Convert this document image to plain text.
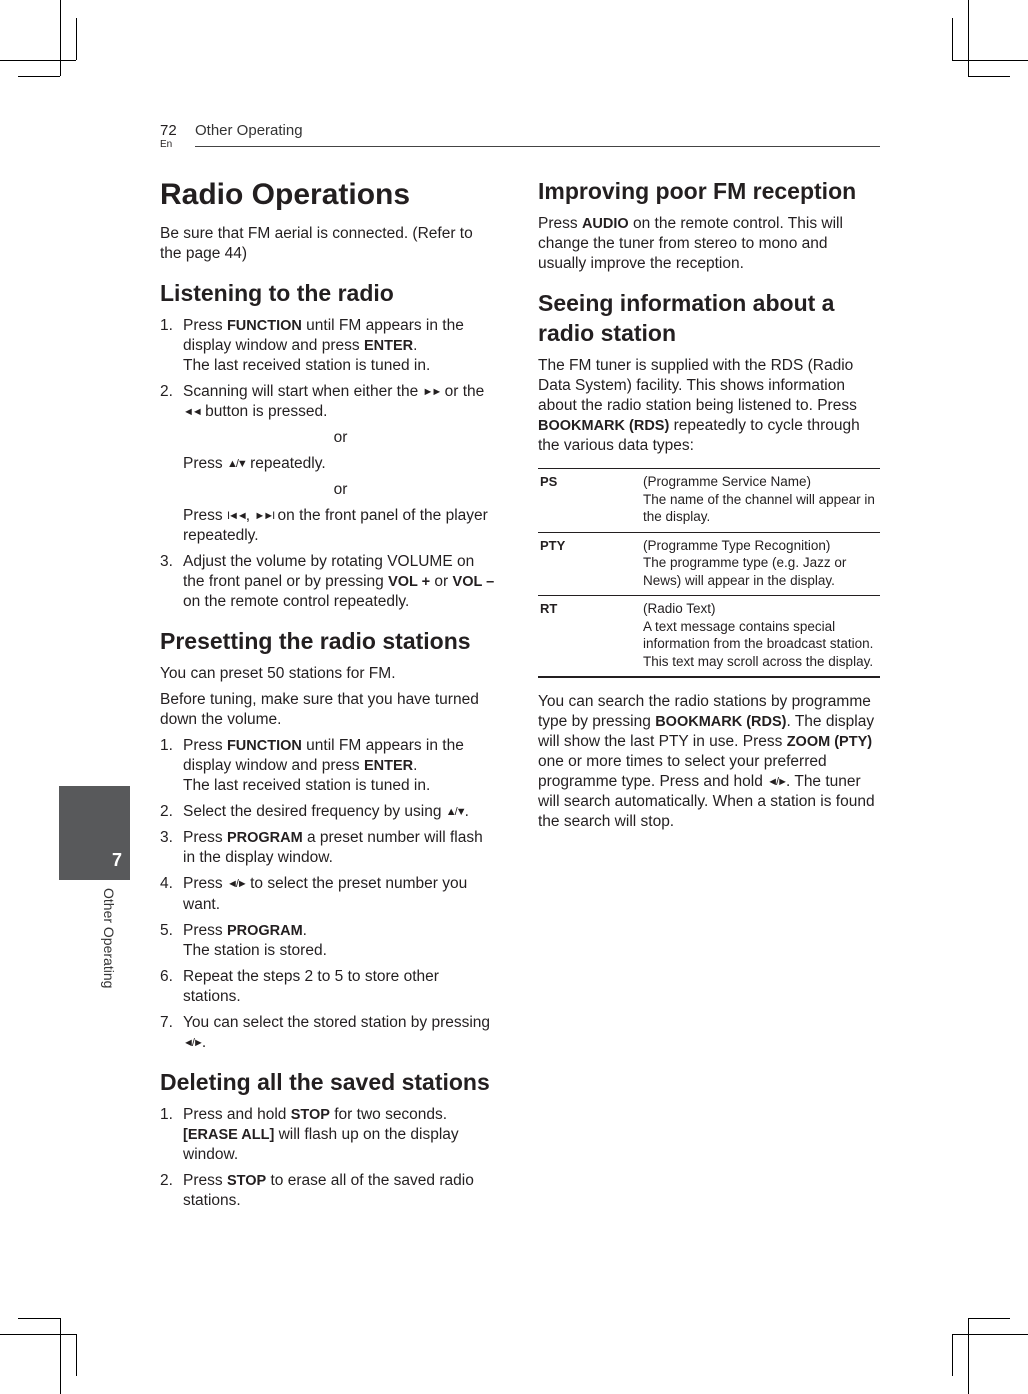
72
En
Other Operating
7
Other Operating
Radio Operations

Be sure that FM aerial is connected. (Refer to the page 44)

Listening to the radio
1. Press FUNCTION until FM appears in the display window and press ENTER.
The last received station is tuned in.
2. Scanning will start when either the ►► or the ◄◄ button is pressed.
or
Press ▲/▼ repeatedly.
or
Press I◄◄, ►►I on the front panel of the player repeatedly.
3. Adjust the volume by rotating VOLUME on the front panel or by pressing VOL + or VOL – on the remote control repeatedly.
Presetting the radio stations

You can preset 50 stations for FM.

Before tuning, make sure that you have turned down the volume.

1. Press FUNCTION until FM appears in the display window and press ENTER.
The last received station is tuned in.
2. Select the desired frequency by using ▲/▼.
3. Press PROGRAM a preset number will flash in the display window.
4. Press ◄/► to select the preset number you want.
5. Press PROGRAM.
The station is stored.
6. Repeat the steps 2 to 5 to store other stations.
7. You can select the stored station by pressing ◄/►.
Deleting all the saved stations
1. Press and hold STOP for two seconds.
[ERASE ALL] will flash up on the display window.
2. Press STOP to erase all of the saved radio stations.
Improving poor FM reception

Press AUDIO on the remote control. This will change the tuner from stereo to mono and usually improve the reception.

Seeing information about a radio station

The FM tuner is supplied with the RDS (Radio Data System) facility. This shows information about the radio station being listened to. Press BOOKMARK (RDS) repeatedly to cycle through the various data types:

PS	(Programme Service Name)
The name of the channel will appear in the display.

PTY	(Programme Type Recognition)
The programme type (e.g. Jazz or News) will appear in the display.

RT	(Radio Text)
A text message contains special information from the broadcast station. This text may scroll across the display.

You can search the radio stations by programme type by pressing BOOKMARK (RDS). The display will show the last PTY in use. Press ZOOM (PTY) one or more times to select your preferred programme type. Press and hold ◄/►. The tuner will search automatically. When a station is found the search will stop.
